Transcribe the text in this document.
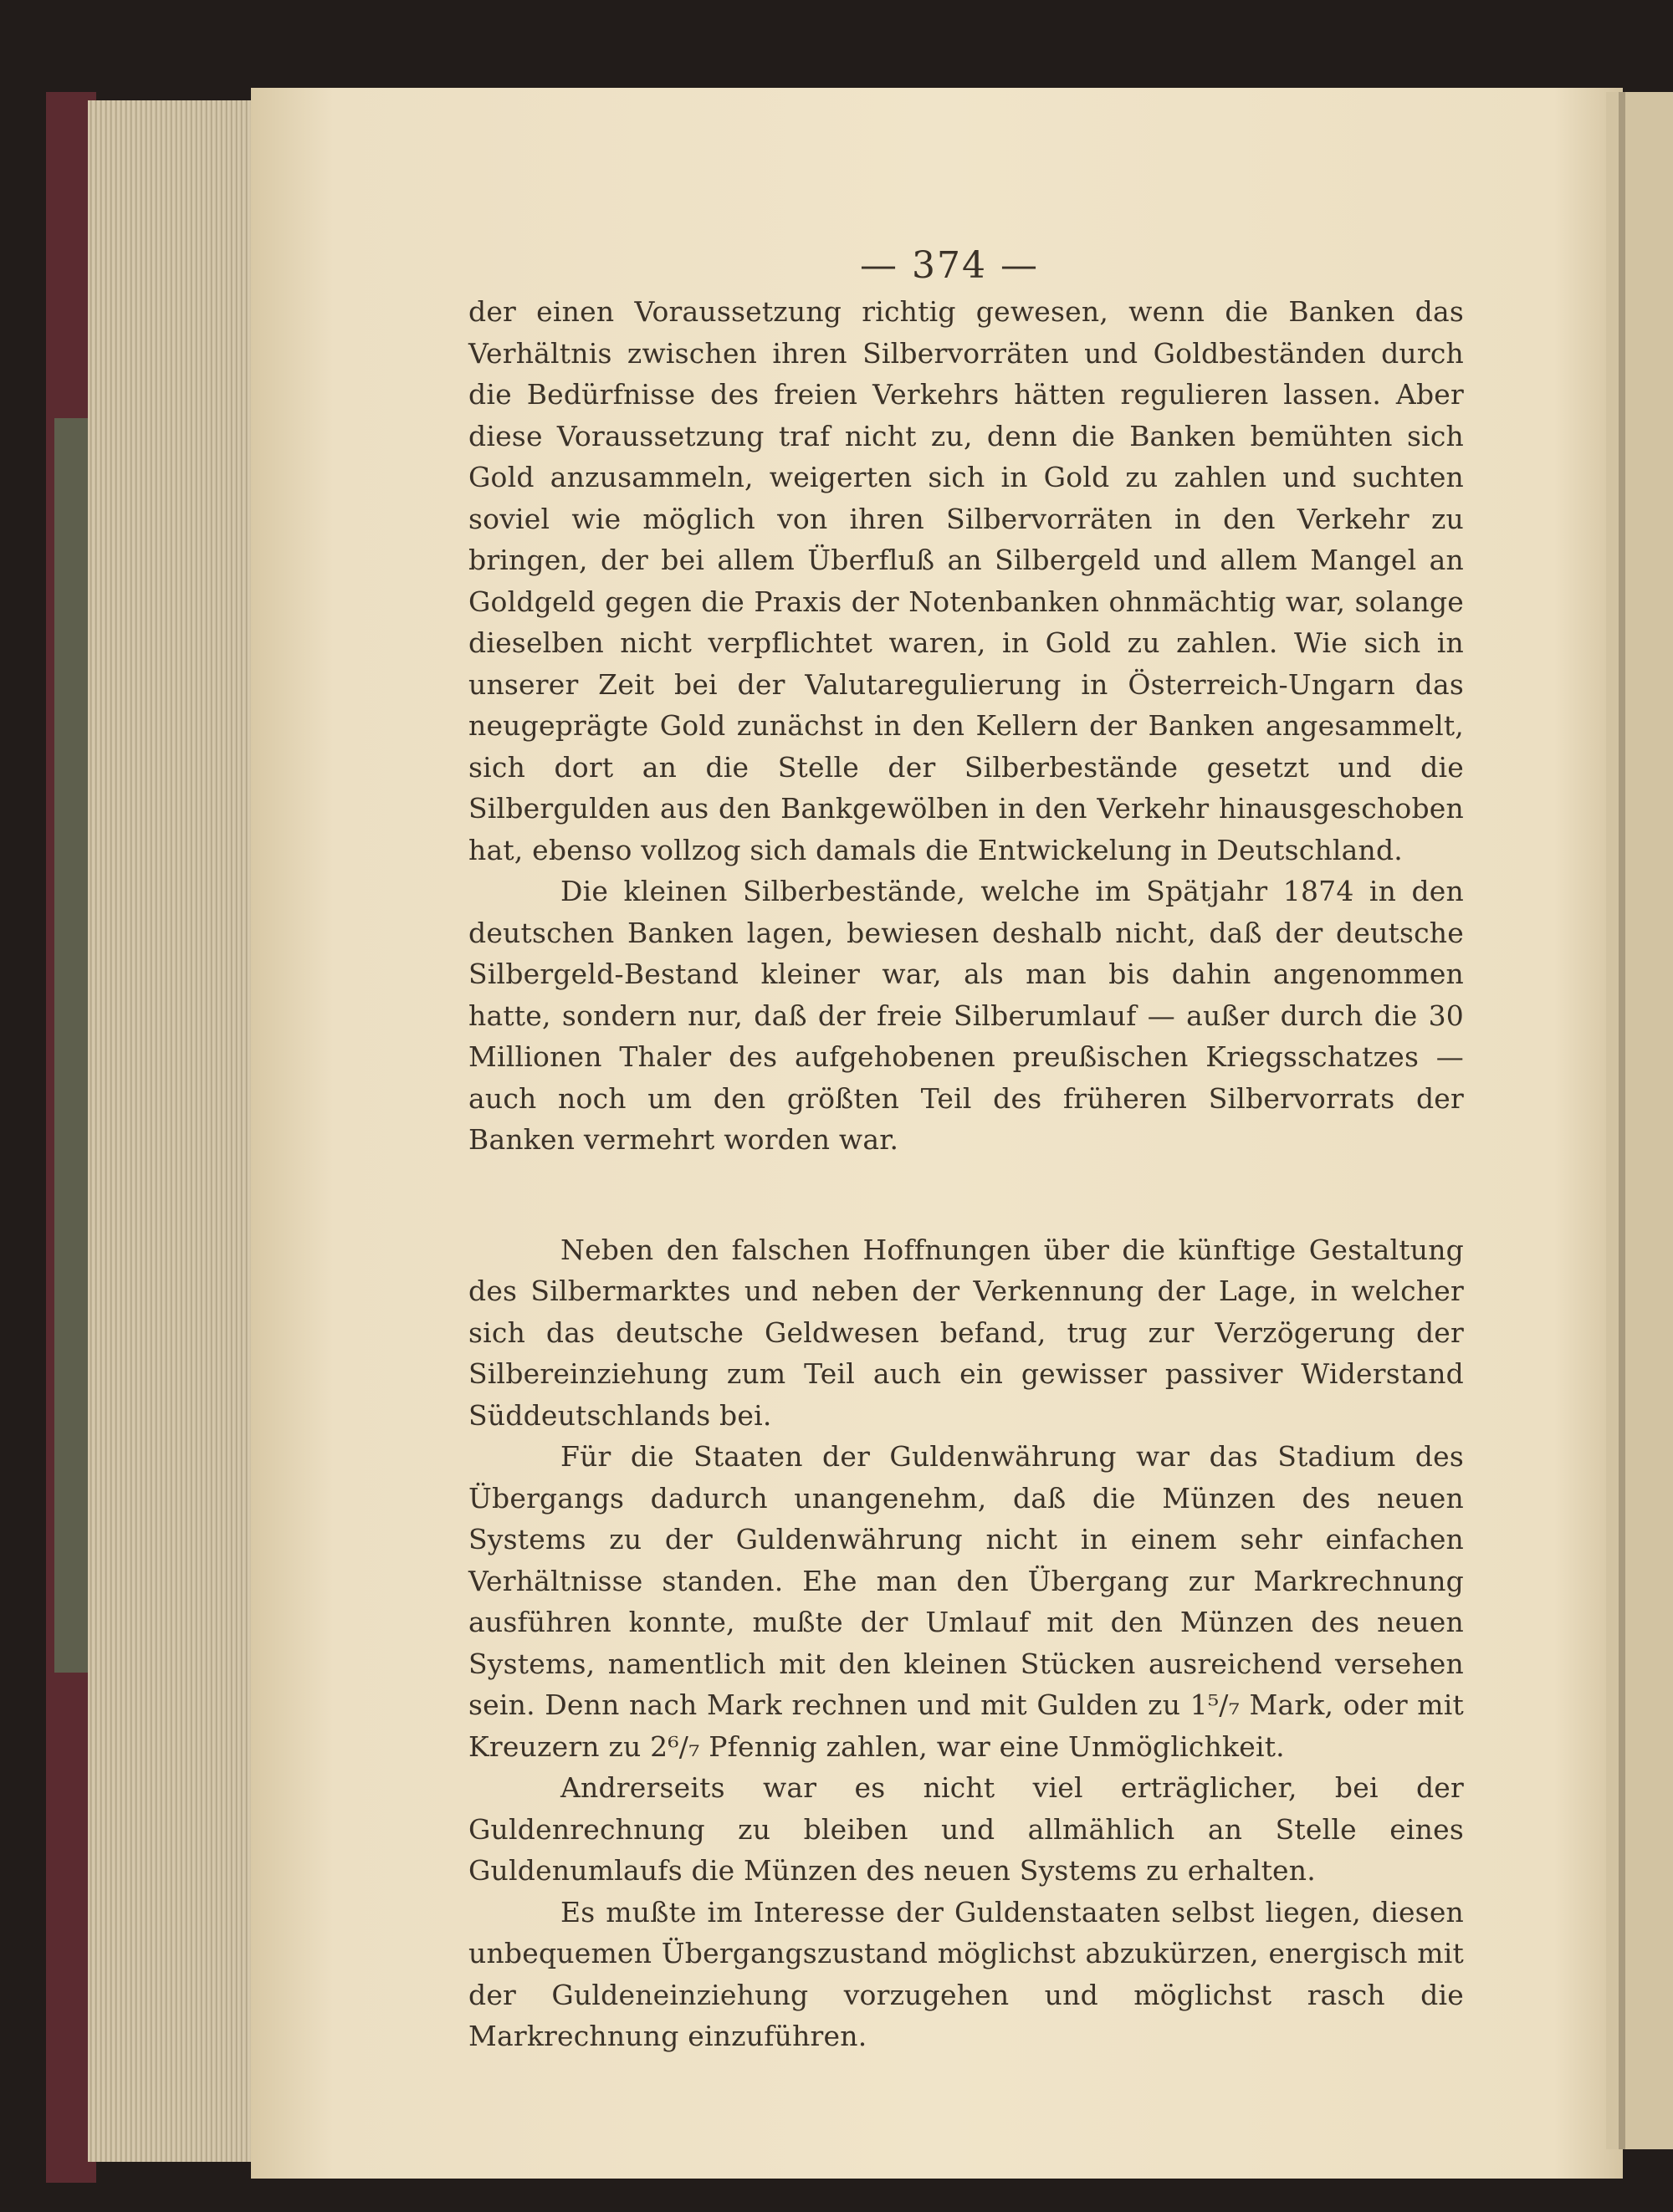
— 374 —

der einen Voraussetzung richtig gewesen, wenn die Banken das Verhältnis zwischen ihren Silbervorräten und Goldbeständen durch die Bedürfnisse des freien Verkehrs hätten regulieren lassen. Aber diese Voraussetzung traf nicht zu, denn die Banken bemühten sich Gold anzusammeln, weigerten sich in Gold zu zahlen und suchten soviel wie möglich von ihren Silbervorräten in den Verkehr zu bringen, der bei allem Überfluß an Silbergeld und allem Mangel an Goldgeld gegen die Praxis der Notenbanken ohnmächtig war, solange dieselben nicht verpflichtet waren, in Gold zu zahlen. Wie sich in unserer Zeit bei der Valutaregulierung in Österreich-Ungarn das neugeprägte Gold zunächst in den Kellern der Banken angesammelt, sich dort an die Stelle der Silberbestände gesetzt und die Silbergulden aus den Bankgewölben in den Verkehr hinausgeschoben hat, ebenso vollzog sich damals die Entwickelung in Deutschland.

Die kleinen Silberbestände, welche im Spätjahr 1874 in den deutschen Banken lagen, bewiesen deshalb nicht, daß der deutsche Silbergeld-Bestand kleiner war, als man bis dahin angenommen hatte, sondern nur, daß der freie Silberumlauf — außer durch die 30 Millionen Thaler des aufgehobenen preußischen Kriegsschatzes — auch noch um den größten Teil des früheren Silbervorrats der Banken vermehrt worden war.

Neben den falschen Hoffnungen über die künftige Gestaltung des Silbermarktes und neben der Verkennung der Lage, in welcher sich das deutsche Geldwesen befand, trug zur Verzögerung der Silbereinziehung zum Teil auch ein gewisser passiver Widerstand Süddeutschlands bei.

Für die Staaten der Guldenwährung war das Stadium des Übergangs dadurch unangenehm, daß die Münzen des neuen Systems zu der Guldenwährung nicht in einem sehr einfachen Verhältnisse standen. Ehe man den Übergang zur Markrechnung ausführen konnte, mußte der Umlauf mit den Münzen des neuen Systems, namentlich mit den kleinen Stücken ausreichend versehen sein. Denn nach Mark rechnen und mit Gulden zu 1⁵/₇ Mark, oder mit Kreuzern zu 2⁶/₇ Pfennig zahlen, war eine Unmöglichkeit.

Andrerseits war es nicht viel erträglicher, bei der Guldenrechnung zu bleiben und allmählich an Stelle eines Guldenumlaufs die Münzen des neuen Systems zu erhalten.

Es mußte im Interesse der Guldenstaaten selbst liegen, diesen unbequemen Übergangszustand möglichst abzukürzen, energisch mit der Guldeneinziehung vorzugehen und möglichst rasch die Markrechnung einzuführen.
